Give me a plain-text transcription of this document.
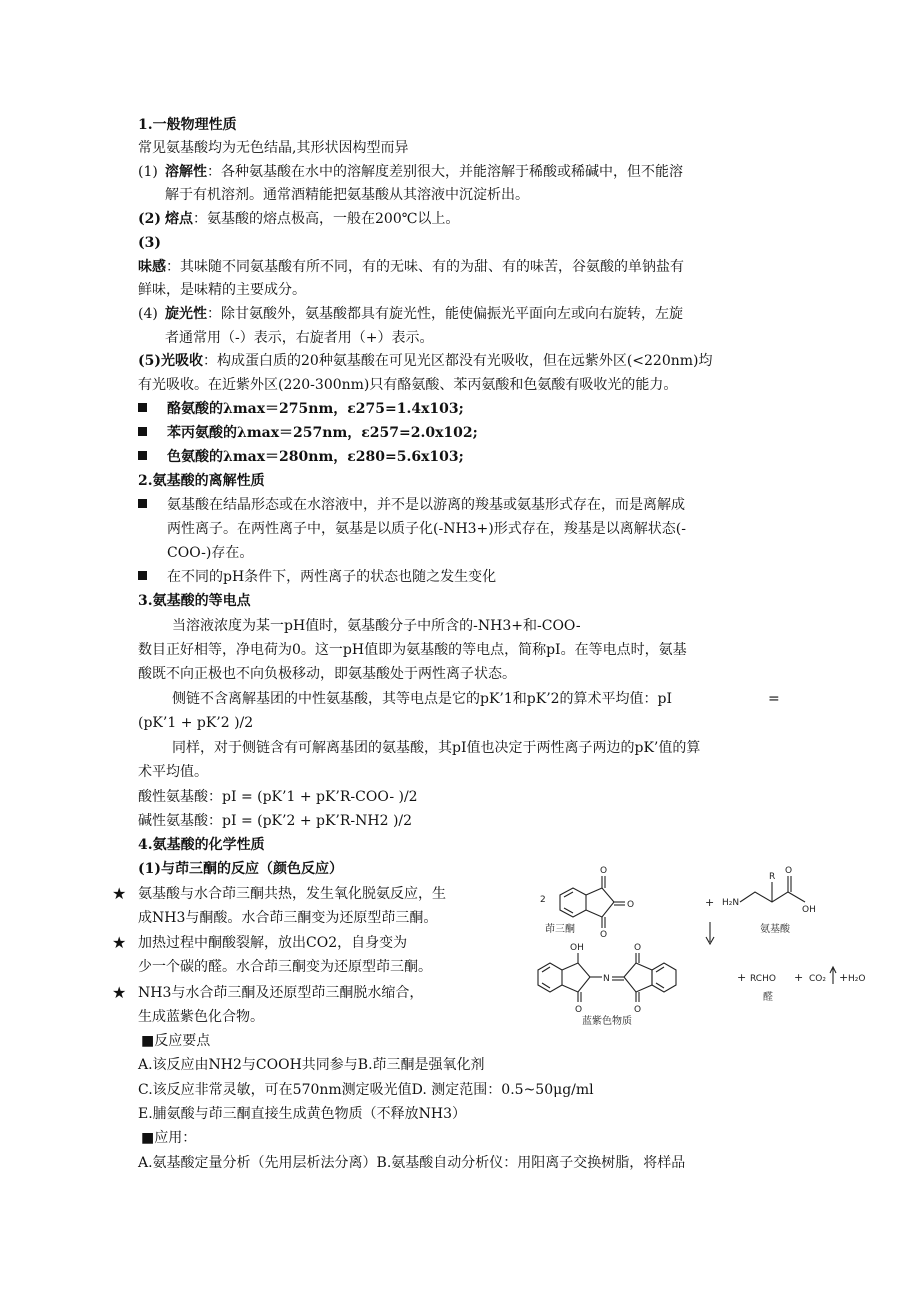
1.一般物理性质
常见氨基酸均为无色结晶,其形状因构型而异
(1) 溶解性：各种氨基酸在水中的溶解度差别很大，并能溶解于稀酸或稀碱中，但不能溶
解于有机溶剂。通常酒精能把氨基酸从其溶液中沉淀析出。
(2) 熔点：氨基酸的熔点极高，一般在200℃以上。
(3)
味感：其味随不同氨基酸有所不同，有的无味、有的为甜、有的味苦，谷氨酸的单钠盐有
鲜味，是味精的主要成分。
(4) 旋光性：除甘氨酸外，氨基酸都具有旋光性，能使偏振光平面向左或向右旋转，左旋
者通常用（-）表示，右旋者用（+）表示。
(5)光吸收：构成蛋白质的20种氨基酸在可见光区都没有光吸收，但在远紫外区(<220nm)均
有光吸收。在近紫外区(220-300nm)只有酪氨酸、苯丙氨酸和色氨酸有吸收光的能力。
酪氨酸的λmax＝275nm，ε275=1.4x103;
苯丙氨酸的λmax＝257nm，ε257=2.0x102;
色氨酸的λmax＝280nm，ε280=5.6x103;
2.氨基酸的离解性质
氨基酸在结晶形态或在水溶液中，并不是以游离的羧基或氨基形式存在，而是离解成
两性离子。在两性离子中，氨基是以质子化(-NH3+)形式存在，羧基是以离解状态(-
COO-)存在。
在不同的pH条件下，两性离子的状态也随之发生变化
3.氨基酸的等电点
当溶液浓度为某一pH值时，氨基酸分子中所含的-NH3+和-COO-
数目正好相等，净电荷为0。这一pH值即为氨基酸的等电点，简称pI。在等电点时，氨基
酸既不向正极也不向负极移动，即氨基酸处于两性离子状态。
侧链不含离解基团的中性氨基酸，其等电点是它的pK’1和pK’2的算术平均值：pI	=
(pK’1 + pK’2 )/2
同样，对于侧链含有可解离基团的氨基酸，其pI值也决定于两性离子两边的pK’值的算
术平均值。
酸性氨基酸：pI = (pK’1 + pK’R-COO- )/2
碱性氨基酸：pI = (pK’2 + pK’R-NH2 )/2
4.氨基酸的化学性质
(1)与茚三酮的反应（颜色反应）
★ 氨基酸与水合茚三酮共热，发生氧化脱氨反应，生
成NH3与酮酸。水合茚三酮变为还原型茚三酮。
★ 加热过程中酮酸裂解，放出CO2，自身变为
少一个碳的醛。水合茚三酮变为还原型茚三酮。
★ NH3与水合茚三酮及还原型茚三酮脱水缩合，
生成蓝紫色化合物。
2
O
O
O
茚三酮
+
R
H₂N
O
OH
氨基酸
OH
O
N
O
O
蓝紫色物质
+ RCHO
醛
+ CO₂ + H₂O
■反应要点
A.该反应由NH2与COOH共同参与B.茚三酮是强氧化剂
C.该反应非常灵敏，可在570nm测定吸光值D. 测定范围：0.5~50μg/ml
E.脯氨酸与茚三酮直接生成黄色物质（不释放NH3）
■应用：
A.氨基酸定量分析（先用层析法分离）B.氨基酸自动分析仪：用阳离子交换树脂，将样品
